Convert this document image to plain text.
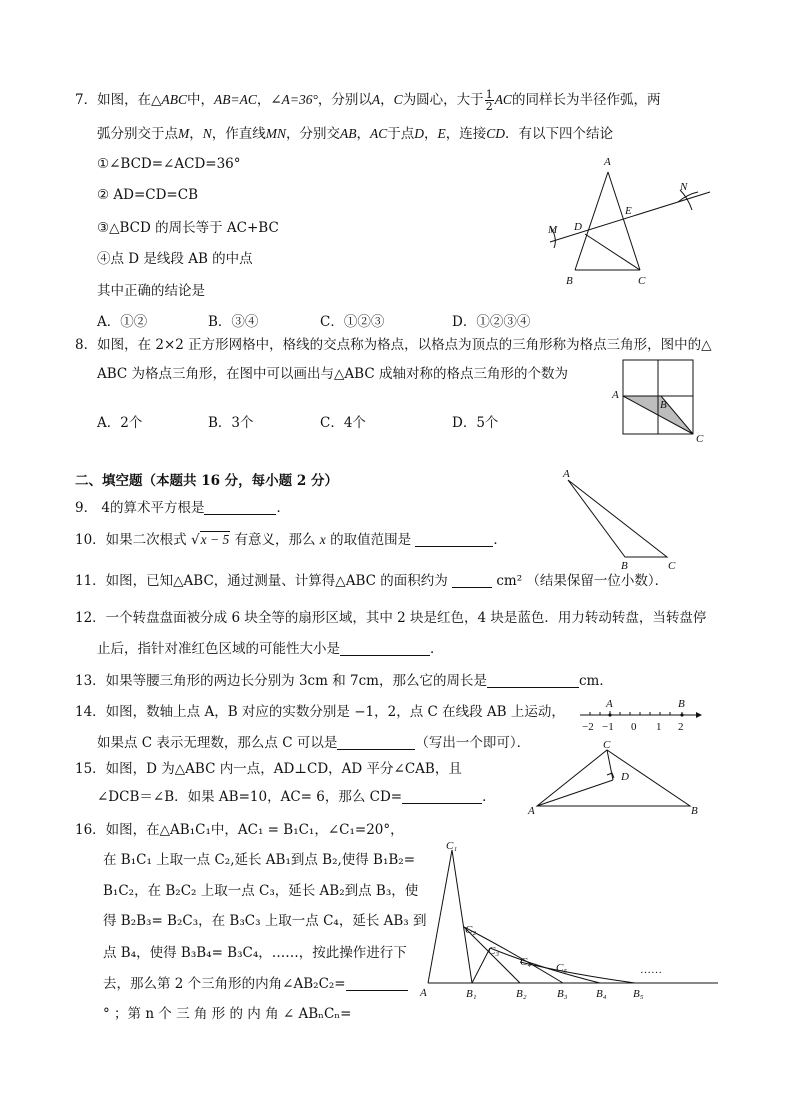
7．如图，在△ABC中，AB=AC，∠A=36°，分别以A，C为圆心，大于 $\frac{1}{2}$ AC的同样长为半径作弧，两
弧分别交于点M，N，作直线MN，分别交AB，AC于点D，E，连接CD．有以下四个结论
①∠BCD=∠ACD=36°
② AD=CD=CB
③△BCD 的周长等于 AC+BC
④点 D 是线段 AB 的中点
其中正确的结论是
A．①②	B．③④	C．①②③	D．①②③④
A
B	C
D
E
M
N
8．如图，在 2×2 正方形网格中，格线的交点称为格点，以格点为顶点的三角形称为格点三角形，图中的△
ABC 为格点三角形，在图中可以画出与△ABC 成轴对称的格点三角形的个数为
A．2个	B．3个	C．4个	D．5个
A
B
C
二、填空题（本题共 16 分，每小题 2 分）
9． 4的算术平方根是	．
10．如果二次根式 √x − 5 有意义，那么 x 的取值范围是	．
A
B	C
11．如图，已知△ABC，通过测量、计算得△ABC 的面积约为	cm² （结果保留一位小数）．
12．一个转盘盘面被分成 6 块全等的扇形区域，其中 2 块是红色，4 块是蓝色．用力转动转盘，当转盘停
止后，指针对准红色区域的可能性大小是	．
13．如果等腰三角形的两边长分别为 3cm 和 7cm，那么它的周长是	cm．
14．如图，数轴上点 A，B 对应的实数分别是 −1，2，点 C 在线段 AB 上运动，
如果点 C 表示无理数，那么点 C 可以是	（写出一个即可）．
A	B
−2 −1 0 1 2
15．如图，D 为△ABC 内一点，AD⊥CD，AD 平分∠CAB，且
∠DCB＝∠B．如果 AB=10，AC= 6，那么 CD=	．
C
D
A	B
16．如图，在△AB₁C₁中，AC₁ = B₁C₁，∠C₁=20°，
在 B₁C₁ 上取一点 C₂,延长 AB₁到点 B₂,使得 B₁B₂=
B₁C₂，在 B₂C₂ 上取一点 C₃，延长 AB₂到点 B₃，使
得 B₂B₃= B₂C₃，在 B₃C₃ 上取一点 C₄，延长 AB₃ 到
点 B₄，使得 B₃B₄= B₃C₄，……，按此操作进行下
去，那么第 2 个三角形的内角∠AB₂C₂=
° ；第 n 个 三 角 形 的 内 角 ∠ ABₙCₙ=
C₁
C₂
C₃
C₄ C₅	……
A	B₁	B₂	B₃	B₄ B₅
